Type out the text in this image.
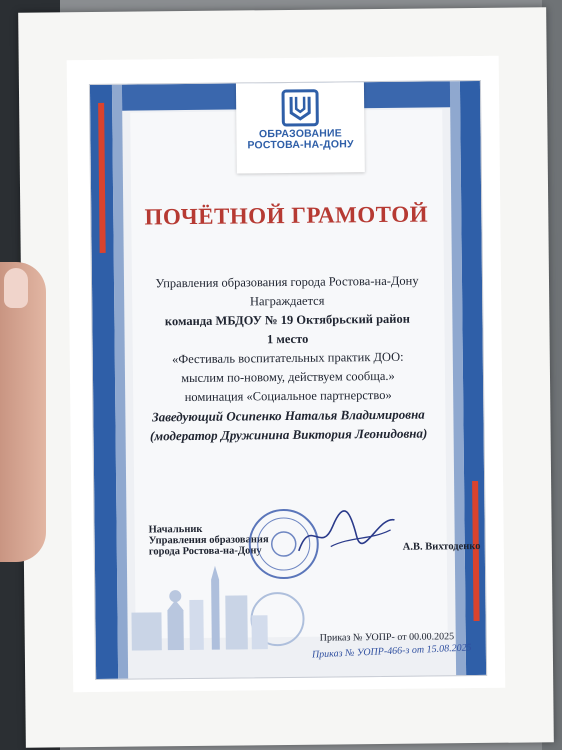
ОБРАЗОВАНИЕ
РОСТОВА-НА-ДОНУ
ПОЧЁТНОЙ ГРАМОТОЙ
Управления образования города Ростова-на-Дону
Награждается
команда МБДОУ № 19 Октябрьский район
1 место
«Фестиваль воспитательных практик ДОО:
мыслим по-новому, действуем сообща.»
номинация «Социальное партнерство»
Заведующий Осипенко Наталья Владимировна
(модератор Дружинина Виктория Леонидовна)
Начальник
Управления образования
города Ростова-на-Дону	А.В. Вихтоденко
Приказ № УОПР- от 00.00.2025
Приказ № УОПР-466-з от 15.08.2025
